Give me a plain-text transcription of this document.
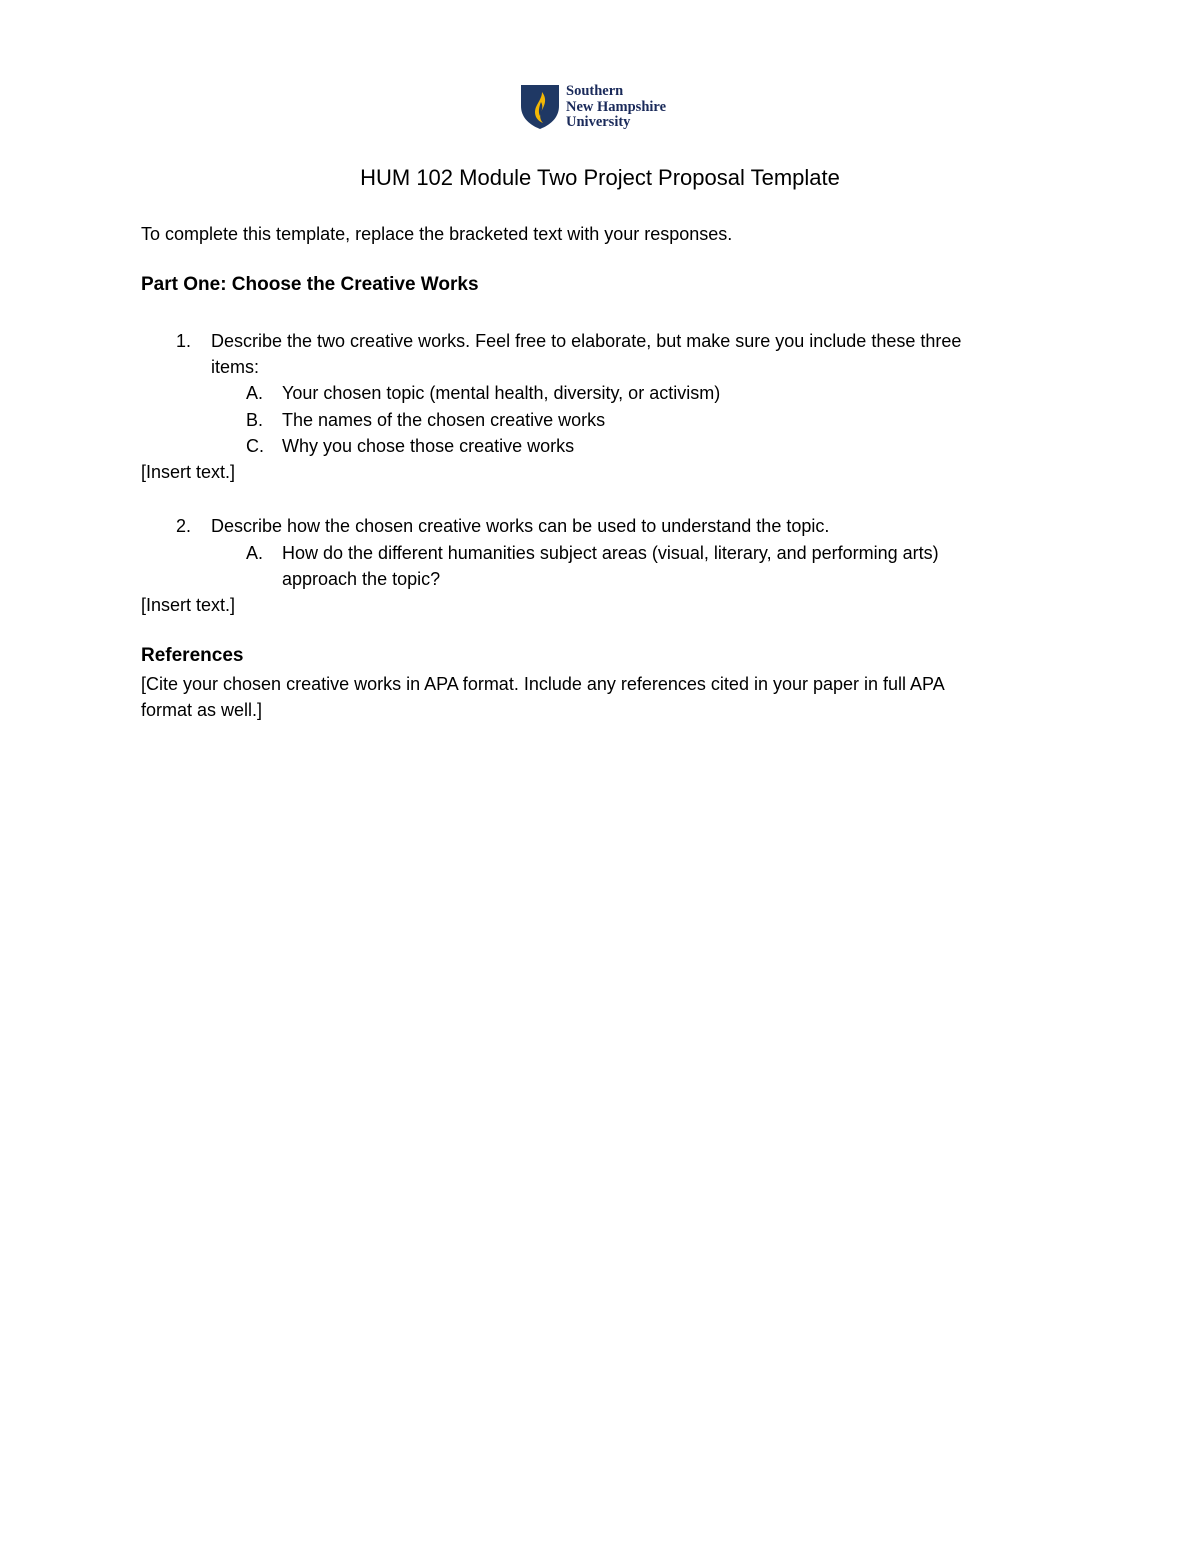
Southern
New Hampshire
University
HUM 102 Module Two Project Proposal Template
To complete this template, replace the bracketed text with your responses.
Part One: Choose the Creative Works
1. Describe the two creative works. Feel free to elaborate, but make sure you include these three
items:
A. Your chosen topic (mental health, diversity, or activism)
B. The names of the chosen creative works
C. Why you chose those creative works
[Insert text.]
2. Describe how the chosen creative works can be used to understand the topic.
A. How do the different humanities subject areas (visual, literary, and performing arts)
approach the topic?
[Insert text.]
References
[Cite your chosen creative works in APA format. Include any references cited in your paper in full APA
format as well.]
